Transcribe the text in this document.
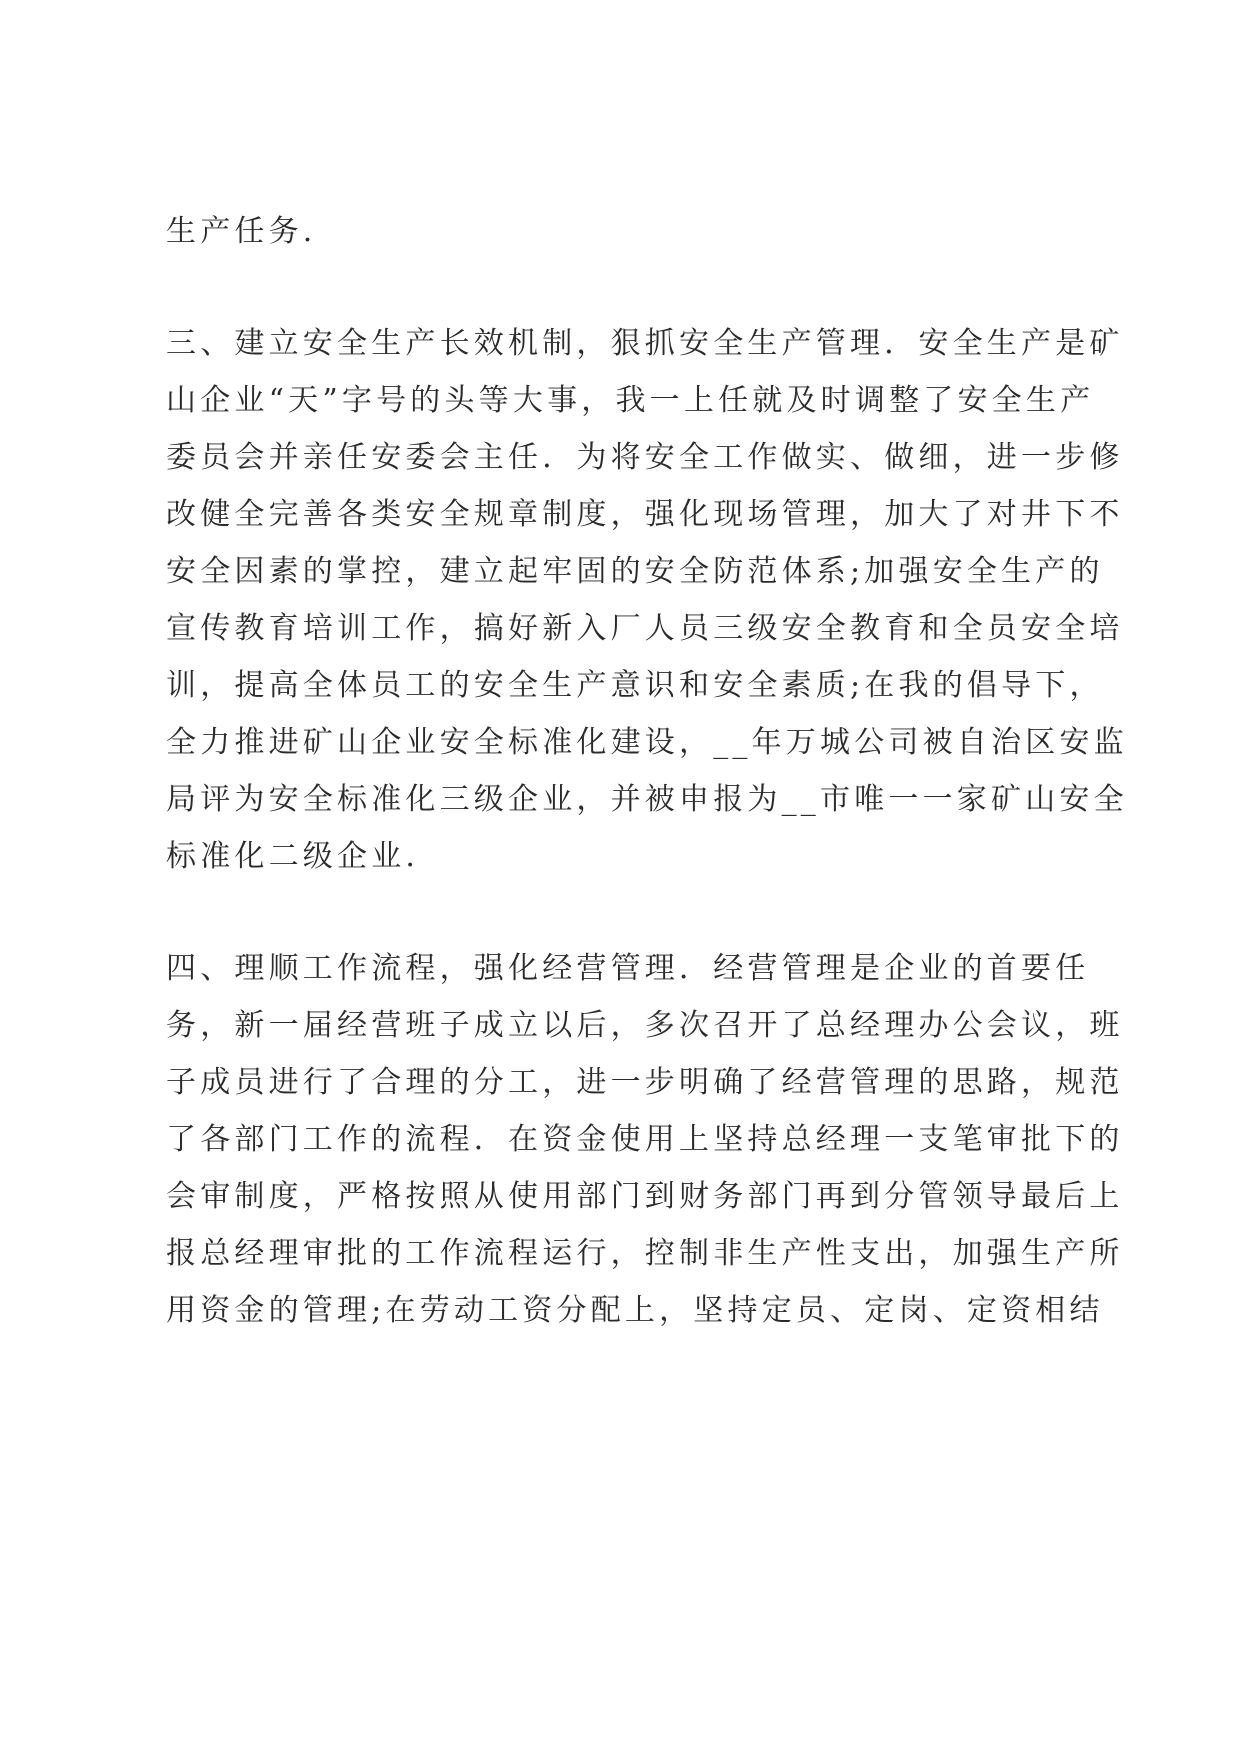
生产任务.
三、建立安全生产长效机制，狠抓安全生产管理．安全生产是矿
山企业“天”字号的头等大事，我一上任就及时调整了安全生产
委员会并亲任安委会主任．为将安全工作做实、做细，进一步修
改健全完善各类安全规章制度，强化现场管理，加大了对井下不
安全因素的掌控，建立起牢固的安全防范体系;加强安全生产的
宣传教育培训工作，搞好新入厂人员三级安全教育和全员安全培
训，提高全体员工的安全生产意识和安全素质;在我的倡导下，
全力推进矿山企业安全标准化建设，__年万城公司被自治区安监
局评为安全标准化三级企业，并被申报为__市唯一一家矿山安全
标准化二级企业.
四、理顺工作流程，强化经营管理．经营管理是企业的首要任
务，新一届经营班子成立以后，多次召开了总经理办公会议，班
子成员进行了合理的分工，进一步明确了经营管理的思路，规范
了各部门工作的流程．在资金使用上坚持总经理一支笔审批下的
会审制度，严格按照从使用部门到财务部门再到分管领导最后上
报总经理审批的工作流程运行，控制非生产性支出，加强生产所
用资金的管理;在劳动工资分配上，坚持定员、定岗、定资相结
